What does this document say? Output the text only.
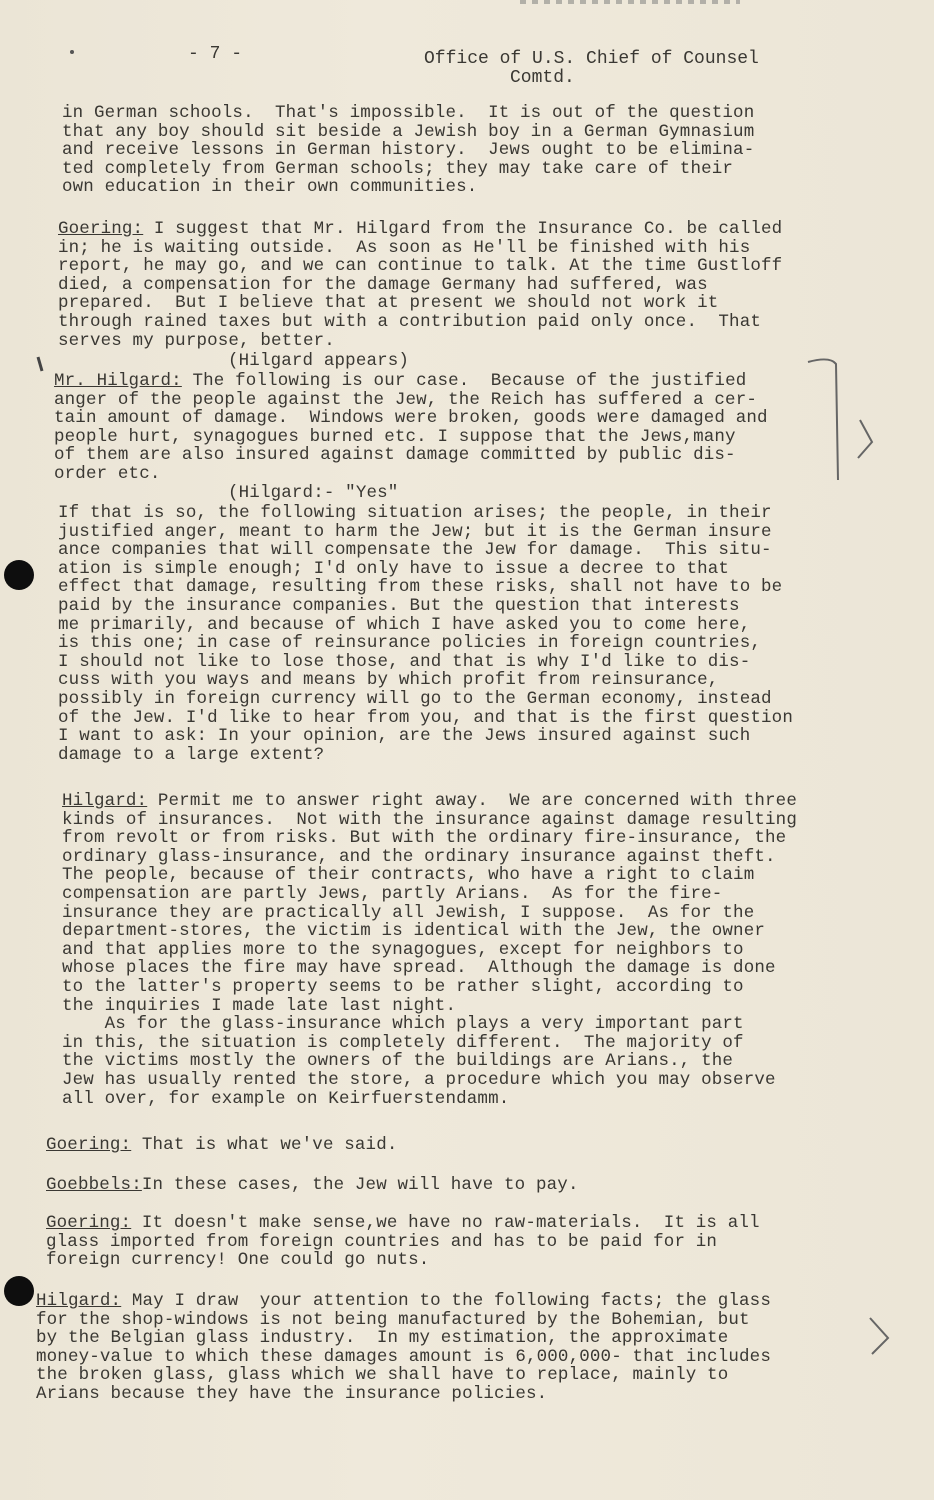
- 7 -	Office of U.S. Chief of Counsel
Comtd.
in German schools.  That's impossible.  It is out of the question
that any boy should sit beside a Jewish boy in a German Gymnasium
and receive lessons in German history.  Jews ought to be elimina-
ted completely from German schools; they may take care of their
own education in their own communities.
Goering: I suggest that Mr. Hilgard from the Insurance Co. be called
in; he is waiting outside.  As soon as He'll be finished with his
report, he may go, and we can continue to talk. At the time Gustloff
died, a compensation for the damage Germany had suffered, was
prepared.  But I believe that at present we should not work it
through rained taxes but with a contribution paid only once.  That
serves my purpose, better.
(Hilgard appears)
Mr. Hilgard: The following is our case.  Because of the justified
anger of the people against the Jew, the Reich has suffered a cer-
tain amount of damage.  Windows were broken, goods were damaged and
people hurt, synagogues burned etc. I suppose that the Jews,many
of them are also insured against damage committed by public dis-
order etc.
(Hilgard:- "Yes"
If that is so, the following situation arises; the people, in their
justified anger, meant to harm the Jew; but it is the German insure
ance companies that will compensate the Jew for damage.  This situ-
ation is simple enough; I'd only have to issue a decree to that
effect that damage, resulting from these risks, shall not have to be
paid by the insurance companies. But the question that interests
me primarily, and because of which I have asked you to come here,
is this one; in case of reinsurance policies in foreign countries,
I should not like to lose those, and that is why I'd like to dis-
cuss with you ways and means by which profit from reinsurance,
possibly in foreign currency will go to the German economy, instead
of the Jew. I'd like to hear from you, and that is the first question
I want to ask: In your opinion, are the Jews insured against such
damage to a large extent?
Hilgard: Permit me to answer right away.  We are concerned with three
kinds of insurances.  Not with the insurance against damage resulting
from revolt or from risks. But with the ordinary fire-insurance, the
ordinary glass-insurance, and the ordinary insurance against theft.
The people, because of their contracts, who have a right to claim
compensation are partly Jews, partly Arians.  As for the fire-
insurance they are practically all Jewish, I suppose.  As for the
department-stores, the victim is identical with the Jew, the owner
and that applies more to the synagogues, except for neighbors to
whose places the fire may have spread.  Although the damage is done
to the latter's property seems to be rather slight, according to
the inquiries I made late last night.
As for the glass-insurance which plays a very important part
in this, the situation is completely different.  The majority of
the victims mostly the owners of the buildings are Arians., the
Jew has usually rented the store, a procedure which you may observe
all over, for example on Keirfuerstendamm.
Goering: That is what we've said.
Goebbels:In these cases, the Jew will have to pay.
Goering: It doesn't make sense,we have no raw-materials.  It is all
glass imported from foreign countries and has to be paid for in
foreign currency! One could go nuts.
Hilgard: May I draw  your attention to the following facts; the glass
for the shop-windows is not being manufactured by the Bohemian, but
by the Belgian glass industry.  In my estimation, the approximate
money-value to which these damages amount is 6,000,000- that includes
the broken glass, glass which we shall have to replace, mainly to
Arians because they have the insurance policies.
